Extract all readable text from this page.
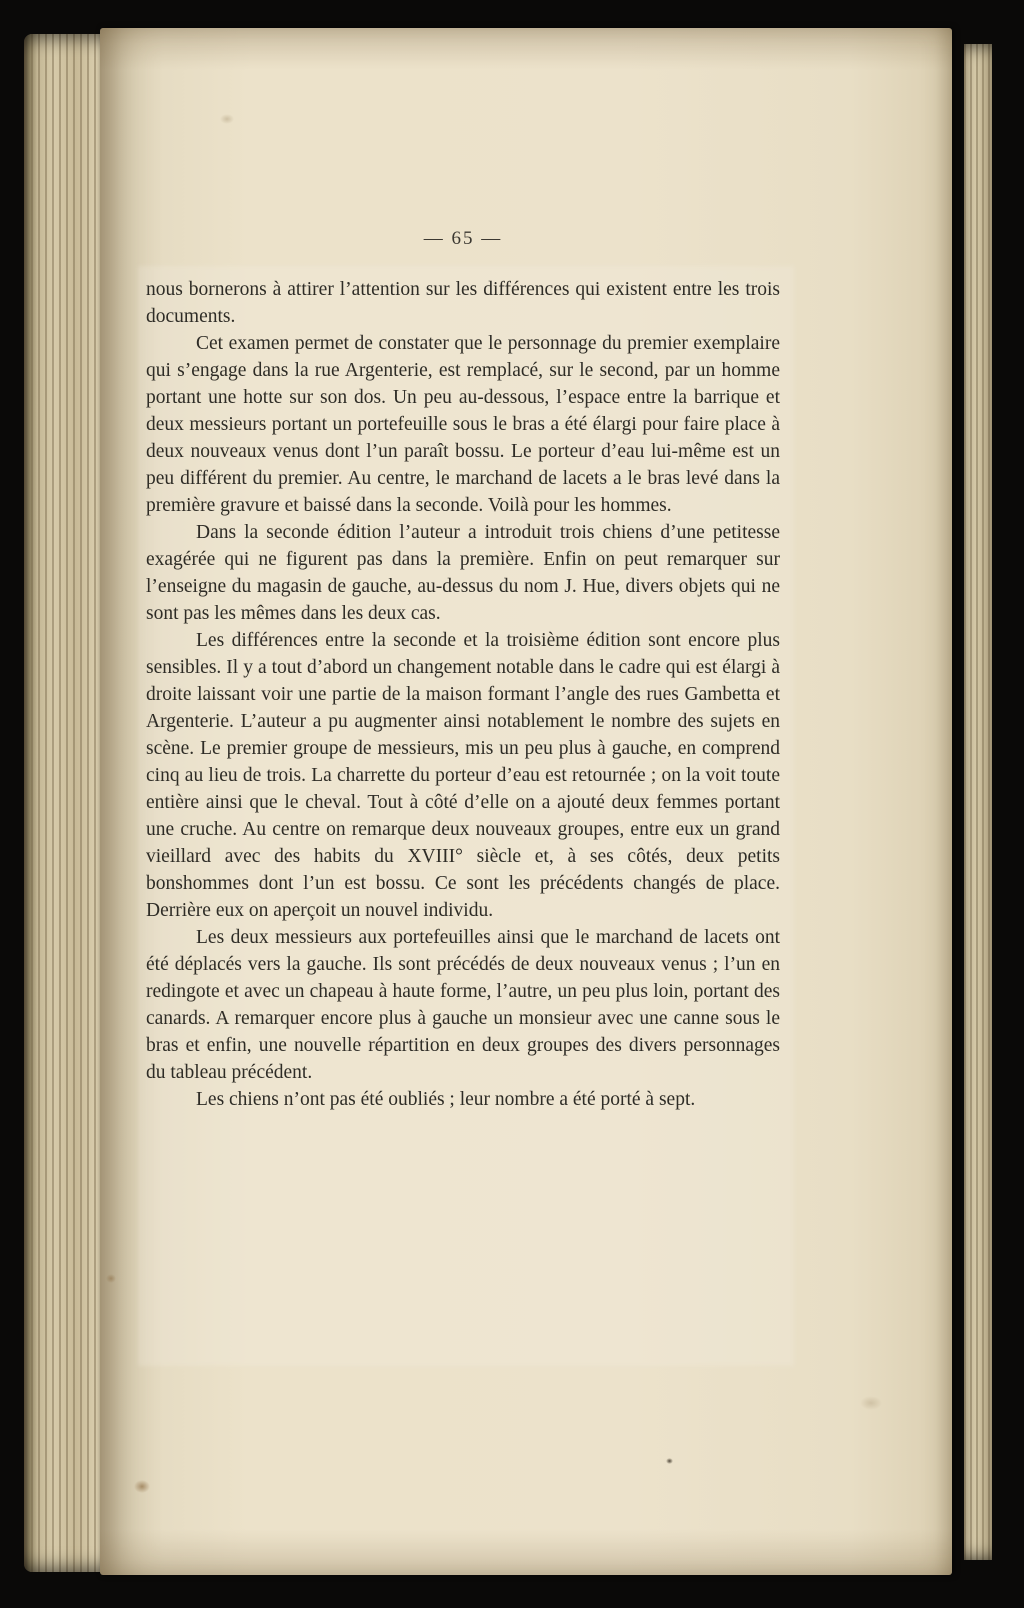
— 65 —

nous bornerons à attirer l’attention sur les différences qui existent entre les trois documents.

Cet examen permet de constater que le personnage du premier exemplaire qui s’engage dans la rue Argenterie, est remplacé, sur le second, par un homme portant une hotte sur son dos. Un peu au-dessous, l’espace entre la barrique et deux messieurs portant un portefeuille sous le bras a été élargi pour faire place à deux nouveaux venus dont l’un paraît bossu. Le porteur d’eau lui-même est un peu différent du premier. Au centre, le marchand de lacets a le bras levé dans la première gravure et baissé dans la seconde. Voilà pour les hommes.

Dans la seconde édition l’auteur a introduit trois chiens d’une petitesse exagérée qui ne figurent pas dans la première. Enfin on peut remarquer sur l’enseigne du magasin de gauche, au-dessus du nom J. Hue, divers objets qui ne sont pas les mêmes dans les deux cas.

Les différences entre la seconde et la troisième édition sont encore plus sensibles. Il y a tout d’abord un changement notable dans le cadre qui est élargi à droite laissant voir une partie de la maison formant l’angle des rues Gambetta et Argenterie. L’auteur a pu augmenter ainsi notablement le nombre des sujets en scène. Le premier groupe de messieurs, mis un peu plus à gauche, en comprend cinq au lieu de trois. La charrette du porteur d’eau est retournée ; on la voit toute entière ainsi que le cheval. Tout à côté d’elle on a ajouté deux femmes portant une cruche. Au centre on remarque deux nouveaux groupes, entre eux un grand vieillard avec des habits du XVIII° siècle et, à ses côtés, deux petits bonshommes dont l’un est bossu. Ce sont les précédents changés de place. Derrière eux on aperçoit un nouvel individu.

Les deux messieurs aux portefeuilles ainsi que le marchand de lacets ont été déplacés vers la gauche. Ils sont précédés de deux nouveaux venus ; l’un en redingote et avec un chapeau à haute forme, l’autre, un peu plus loin, portant des canards. A remarquer encore plus à gauche un monsieur avec une canne sous le bras et enfin, une nouvelle répartition en deux groupes des divers personnages du tableau précédent.

Les chiens n’ont pas été oubliés ; leur nombre a été porté à sept.
